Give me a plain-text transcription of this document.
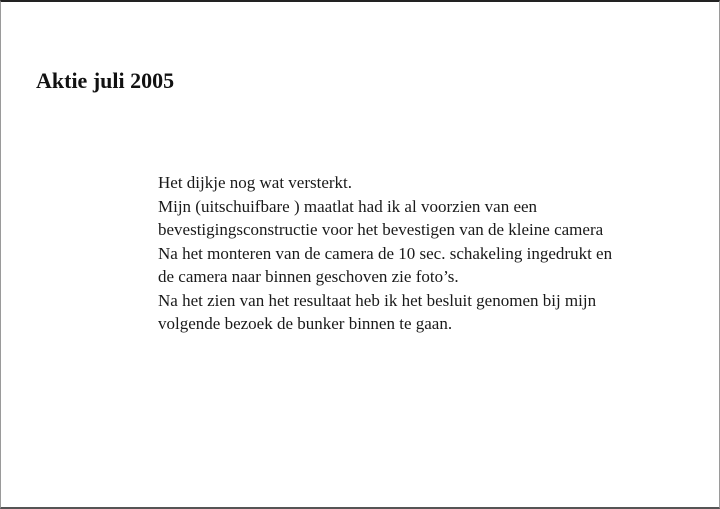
Aktie juli 2005
Het dijkje nog wat versterkt.
Mijn (uitschuifbare ) maatlat had ik al voorzien van een
bevestigingsconstructie voor het bevestigen van de kleine camera
Na het monteren van de camera de 10 sec. schakeling ingedrukt en
de camera naar binnen geschoven zie foto’s.
Na het zien van het resultaat heb ik het besluit genomen bij mijn
volgende bezoek de bunker binnen te gaan.
